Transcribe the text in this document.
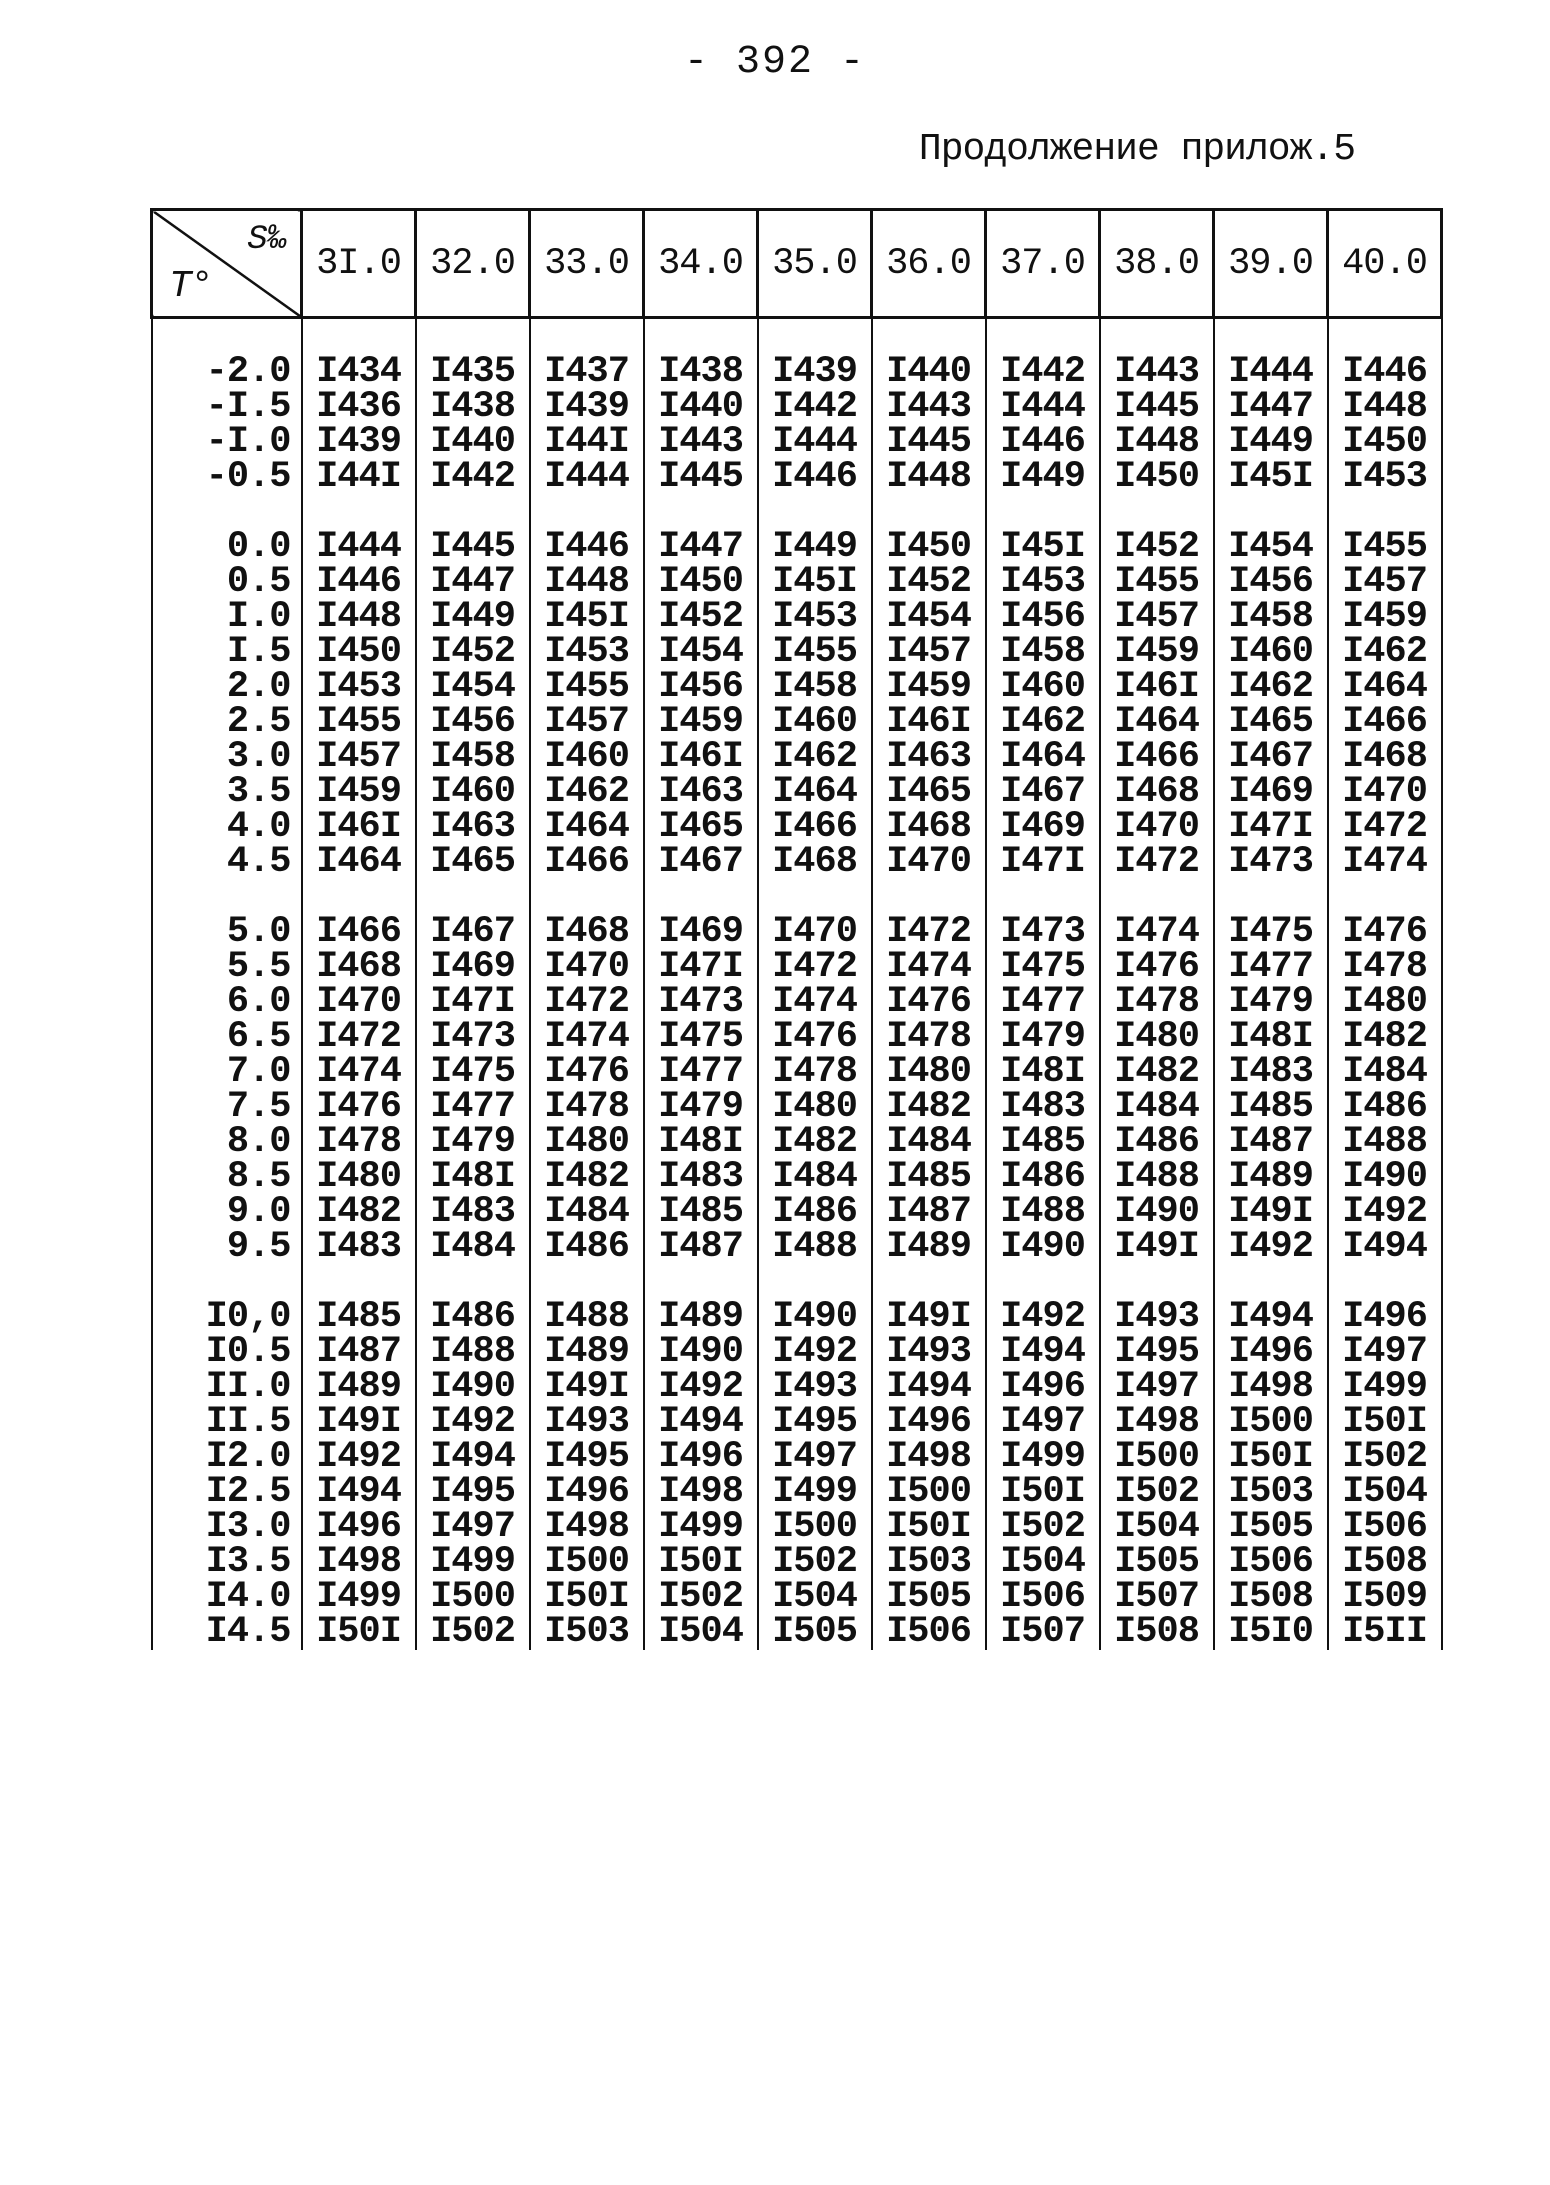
- 392 -
Продолжение прилож.5
T°
S‰	3I.0	32.0	33.0	34.0	35.0	36.0	37.0	38.0	39.0	40.0

-2.0	I434	I435	I437	I438	I439	I440	I442	I443	I444	I446
-I.5	I436	I438	I439	I440	I442	I443	I444	I445	I447	I448
-I.0	I439	I440	I44I	I443	I444	I445	I446	I448	I449	I450
-0.5	I44I	I442	I444	I445	I446	I448	I449	I450	I45I	I453

0.0	I444	I445	I446	I447	I449	I450	I45I	I452	I454	I455
0.5	I446	I447	I448	I450	I45I	I452	I453	I455	I456	I457
I.0	I448	I449	I45I	I452	I453	I454	I456	I457	I458	I459
I.5	I450	I452	I453	I454	I455	I457	I458	I459	I460	I462
2.0	I453	I454	I455	I456	I458	I459	I460	I46I	I462	I464
2.5	I455	I456	I457	I459	I460	I46I	I462	I464	I465	I466
3.0	I457	I458	I460	I46I	I462	I463	I464	I466	I467	I468
3.5	I459	I460	I462	I463	I464	I465	I467	I468	I469	I470
4.0	I46I	I463	I464	I465	I466	I468	I469	I470	I47I	I472
4.5	I464	I465	I466	I467	I468	I470	I47I	I472	I473	I474

5.0	I466	I467	I468	I469	I470	I472	I473	I474	I475	I476
5.5	I468	I469	I470	I47I	I472	I474	I475	I476	I477	I478
6.0	I470	I47I	I472	I473	I474	I476	I477	I478	I479	I480
6.5	I472	I473	I474	I475	I476	I478	I479	I480	I48I	I482
7.0	I474	I475	I476	I477	I478	I480	I48I	I482	I483	I484
7.5	I476	I477	I478	I479	I480	I482	I483	I484	I485	I486
8.0	I478	I479	I480	I48I	I482	I484	I485	I486	I487	I488
8.5	I480	I48I	I482	I483	I484	I485	I486	I488	I489	I490
9.0	I482	I483	I484	I485	I486	I487	I488	I490	I49I	I492
9.5	I483	I484	I486	I487	I488	I489	I490	I49I	I492	I494

I0,0	I485	I486	I488	I489	I490	I49I	I492	I493	I494	I496
I0.5	I487	I488	I489	I490	I492	I493	I494	I495	I496	I497
II.0	I489	I490	I49I	I492	I493	I494	I496	I497	I498	I499
II.5	I49I	I492	I493	I494	I495	I496	I497	I498	I500	I50I
I2.0	I492	I494	I495	I496	I497	I498	I499	I500	I50I	I502
I2.5	I494	I495	I496	I498	I499	I500	I50I	I502	I503	I504
I3.0	I496	I497	I498	I499	I500	I50I	I502	I504	I505	I506
I3.5	I498	I499	I500	I50I	I502	I503	I504	I505	I506	I508
I4.0	I499	I500	I50I	I502	I504	I505	I506	I507	I508	I509
I4.5	I50I	I502	I503	I504	I505	I506	I507	I508	I5I0	I5II
